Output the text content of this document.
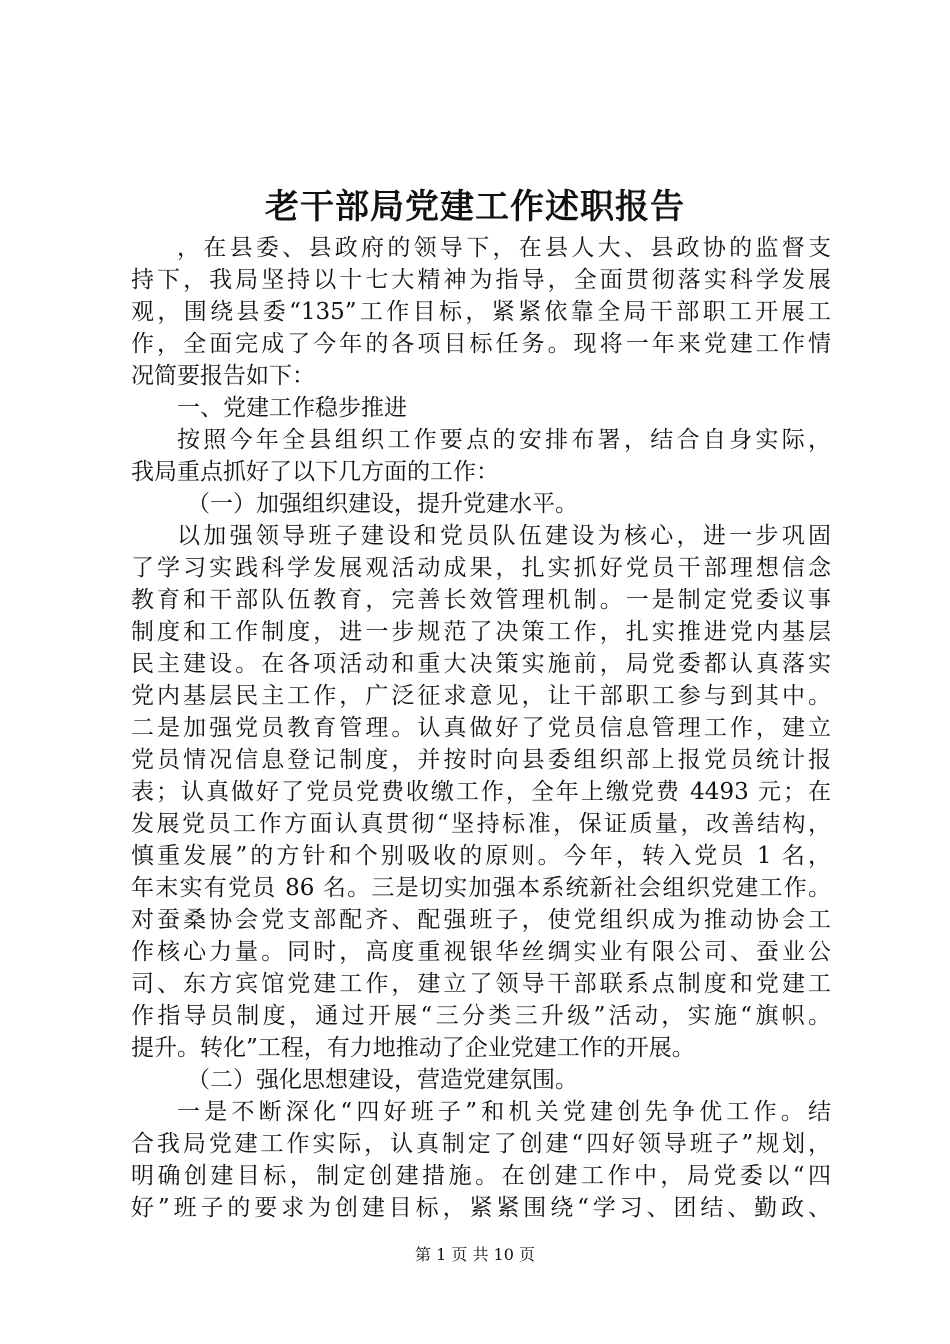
老干部局党建工作述职报告
，在县委、县政府的领导下，在县人大、县政协的监督支
持下，我局坚持以十七大精神为指导，全面贯彻落实科学发展
观，围绕县委“135”工作目标，紧紧依靠全局干部职工开展工
作，全面完成了今年的各项目标任务。现将一年来党建工作情
况简要报告如下：
一、党建工作稳步推进
按照今年全县组织工作要点的安排布署，结合自身实际，
我局重点抓好了以下几方面的工作：
（一）加强组织建设，提升党建水平。
以加强领导班子建设和党员队伍建设为核心，进一步巩固
了学习实践科学发展观活动成果，扎实抓好党员干部理想信念
教育和干部队伍教育，完善长效管理机制。一是制定党委议事
制度和工作制度，进一步规范了决策工作，扎实推进党内基层
民主建设。在各项活动和重大决策实施前，局党委都认真落实
党内基层民主工作，广泛征求意见，让干部职工参与到其中。
二是加强党员教育管理。认真做好了党员信息管理工作，建立
党员情况信息登记制度，并按时向县委组织部上报党员统计报
表；认真做好了党员党费收缴工作，全年上缴党费 4493 元；在
发展党员工作方面认真贯彻“坚持标准，保证质量，改善结构，
慎重发展”的方针和个别吸收的原则。今年，转入党员 1 名，
年末实有党员 86 名。三是切实加强本系统新社会组织党建工作。
对蚕桑协会党支部配齐、配强班子，使党组织成为推动协会工
作核心力量。同时，高度重视银华丝绸实业有限公司、蚕业公
司、东方宾馆党建工作，建立了领导干部联系点制度和党建工
作指导员制度，通过开展“三分类三升级”活动，实施“旗帜。
提升。转化”工程，有力地推动了企业党建工作的开展。
（二）强化思想建设，营造党建氛围。
一是不断深化“四好班子”和机关党建创先争优工作。结
合我局党建工作实际，认真制定了创建“四好领导班子”规划，
明确创建目标，制定创建措施。在创建工作中，局党委以“四
好”班子的要求为创建目标，紧紧围绕“学习、团结、勤政、
第 1 页 共 10 页
